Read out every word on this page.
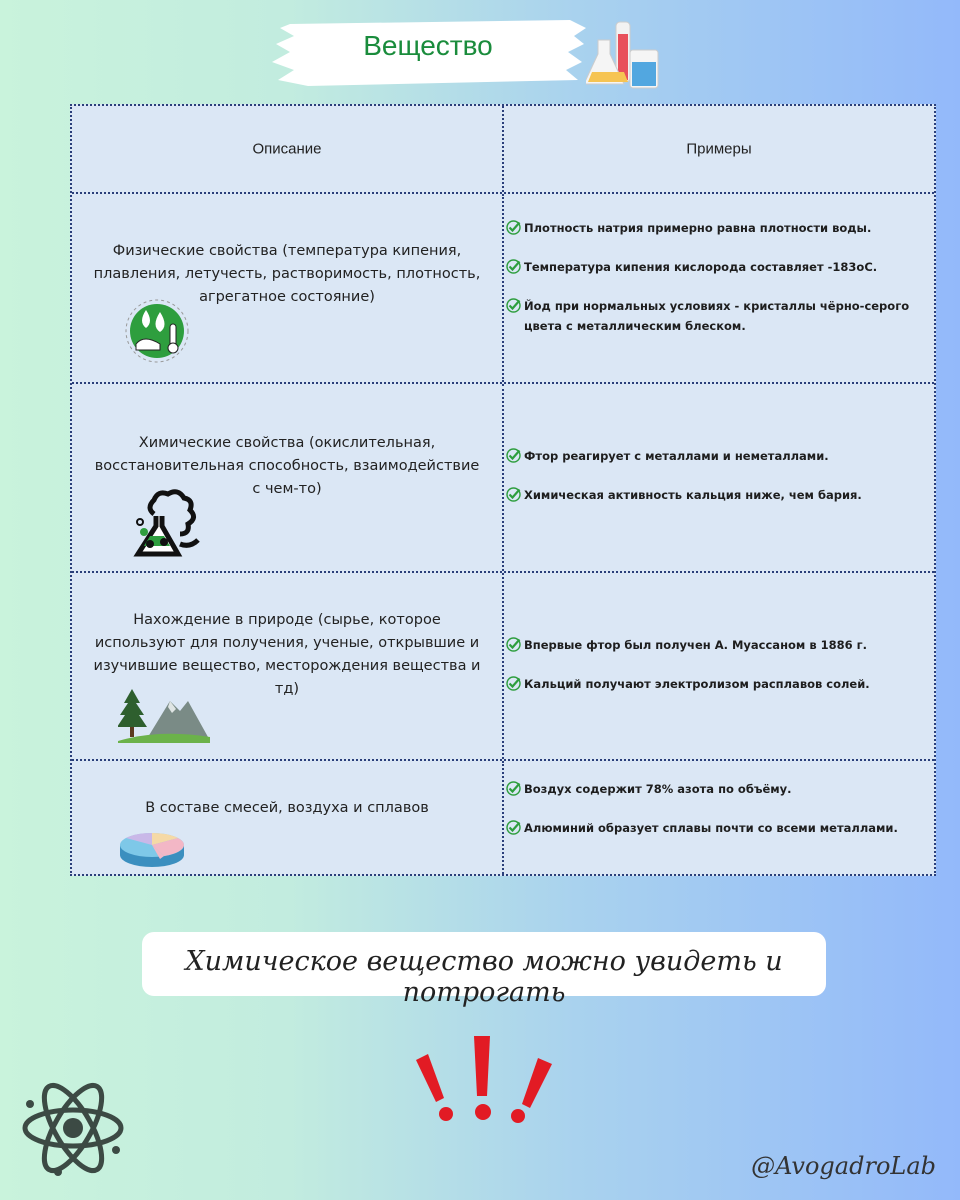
Вещество
Описание	Примеры
Физические свойства (температура кипения, плавления, летучесть, растворимость, плотность, агрегатное состояние)
Плотность натрия примерно равна плотности воды.
Температура кипения кислорода составляет -183оС.
Йод при нормальных условиях - кристаллы чёрно-серого цвета с металлическим блеском.
Химические свойства (окислительная, восстановительная способность, взаимодействие с чем-то)
Фтор реагирует с металлами и неметаллами.
Химическая активность кальция ниже, чем бария.
Нахождение в природе (сырье, которое используют для получения, ученые, открывшие и изучившие вещество, месторождения вещества и тд)
Впервые фтор был получен А. Муассаном в 1886 г.
Кальций получают электролизом расплавов солей.
В составе смесей, воздуха и сплавов
Воздух содержит 78% азота по объёму.
Алюминий образует сплавы почти со всеми металлами.
Химическое вещество можно увидеть и потрогать
@AvogadroLab
